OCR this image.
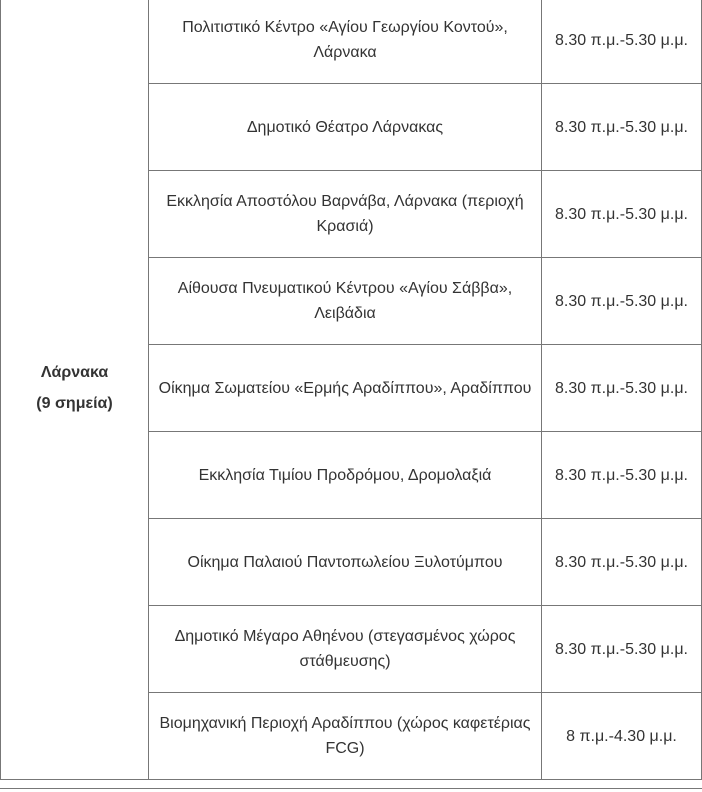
Λάρνακα
(9 σημεία)	Πολιτιστικό Κέντρο «Αγίου Γεωργίου Κοντού», Λάρνακα	8.30 π.μ.-5.30 μ.μ.
	Δημοτικό Θέατρο Λάρνακας	8.30 π.μ.-5.30 μ.μ.
	Εκκλησία Αποστόλου Βαρνάβα, Λάρνακα (περιοχή Κρασιά)	8.30 π.μ.-5.30 μ.μ.
	Αίθουσα Πνευματικού Κέντρου «Αγίου Σάββα», Λειβάδια	8.30 π.μ.-5.30 μ.μ.
	Οίκημα Σωματείου «Ερμής Αραδίππου», Αραδίππου	8.30 π.μ.-5.30 μ.μ.
	Εκκλησία Τιμίου Προδρόμου, Δρομολαξιά	8.30 π.μ.-5.30 μ.μ.
	Οίκημα Παλαιού Παντοπωλείου Ξυλοτύμπου	8.30 π.μ.-5.30 μ.μ.
	Δημοτικό Μέγαρο Αθηένου (στεγασμένος χώρος στάθμευσης)	8.30 π.μ.-5.30 μ.μ.
	Βιομηχανική Περιοχή Αραδίππου (χώρος καφετέριας FCG)	8 π.μ.-4.30 μ.μ.
